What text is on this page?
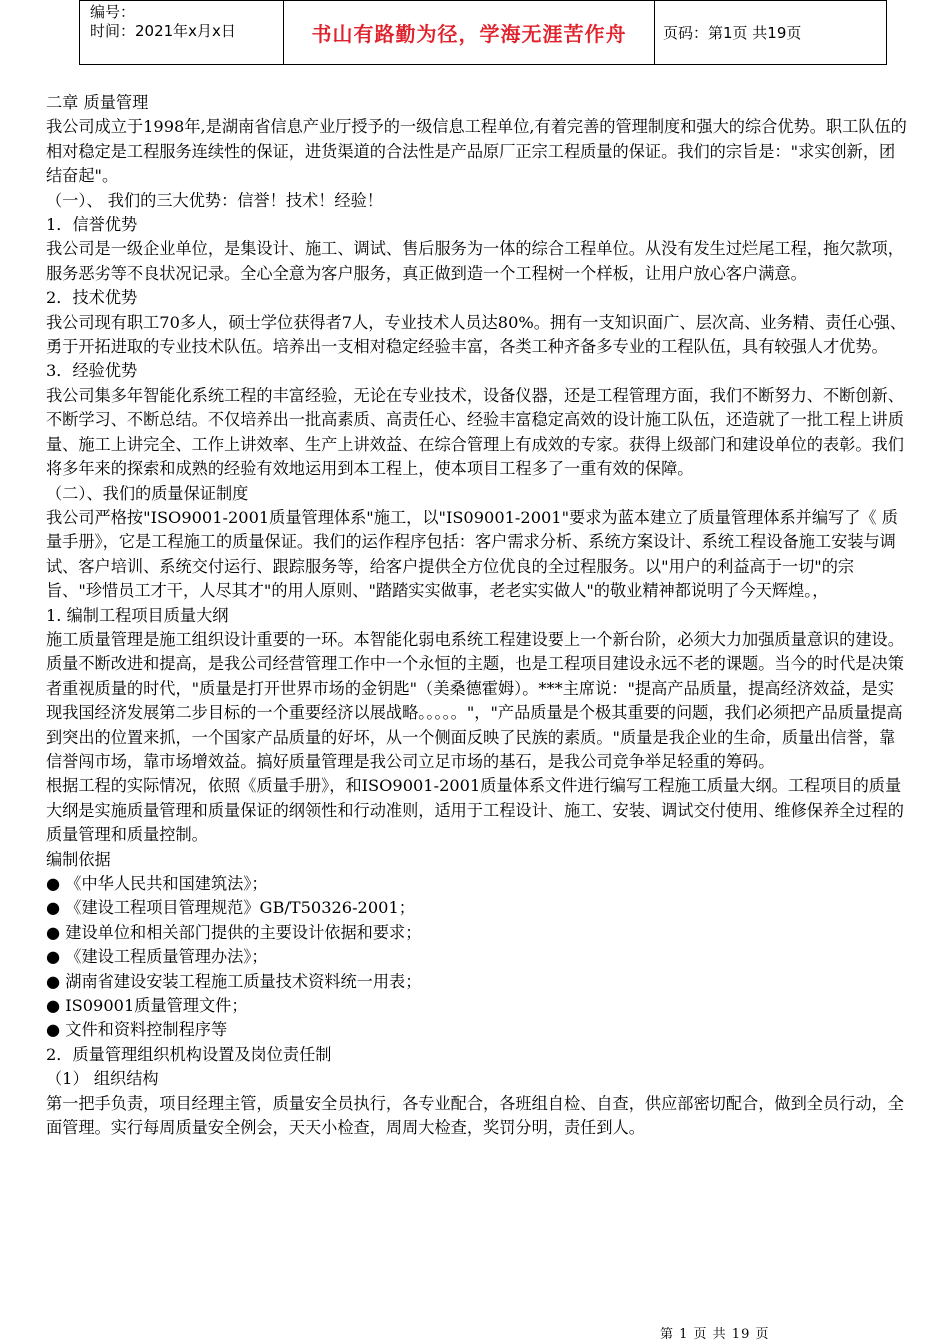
编号：
时间：2021年x月x日	书山有路勤为径，学海无涯苦作舟	页码：第1页 共19页

二章 质量管理

我公司成立于1998年,是湖南省信息产业厅授予的一级信息工程单位,有着完善的管理制度和强大的综合优势。职工队伍的相对稳定是工程服务连续性的保证，进货渠道的合法性是产品原厂正宗工程质量的保证。我们的宗旨是："求实创新，团结奋起"。

（一）、 我们的三大优势：信誉！技术！经验！

1．信誉优势

我公司是一级企业单位，是集设计、施工、调试、售后服务为一体的综合工程单位。从没有发生过烂尾工程，拖欠款项，服务恶劣等不良状况记录。全心全意为客户服务，真正做到造一个工程树一个样板，让用户放心客户满意。

2．技术优势

我公司现有职工70多人，硕士学位获得者7人，专业技术人员达80%。拥有一支知识面广、层次高、业务精、责任心强、勇于开拓进取的专业技术队伍。培养出一支相对稳定经验丰富，各类工种齐备多专业的工程队伍，具有较强人才优势。

3．经验优势

我公司集多年智能化系统工程的丰富经验，无论在专业技术，设备仪器，还是工程管理方面，我们不断努力、不断创新、不断学习、不断总结。不仅培养出一批高素质、高责任心、经验丰富稳定高效的设计施工队伍，还造就了一批工程上讲质量、施工上讲完全、工作上讲效率、生产上讲效益、在综合管理上有成效的专家。获得上级部门和建设单位的表彰。我们将多年来的探索和成熟的经验有效地运用到本工程上，使本项目工程多了一重有效的保障。

（二）、我们的质量保证制度

我公司严格按"ISO9001-2001质量管理体系"施工，以"IS09001-2001"要求为蓝本建立了质量管理体系并编写了《 质量手册》，它是工程施工的质量保证。我们的运作程序包括：客户需求分析、系统方案设计、系统工程设备施工安装与调试、客户培训、系统交付运行、跟踪服务等，给客户提供全方位优良的全过程服务。以"用户的利益高于一切"的宗旨、"珍惜员工才干，人尽其才"的用人原则、"踏踏实实做事，老老实实做人"的敬业精神都说明了今天辉煌。，

1. 编制工程项目质量大纲

施工质量管理是施工组织设计重要的一环。本智能化弱电系统工程建设要上一个新台阶，必须大力加强质量意识的建设。质量不断改进和提高，是我公司经营管理工作中一个永恒的主题，也是工程项目建设永远不老的课题。当今的时代是决策者重视质量的时代，"质量是打开世界市场的金钥匙"（美桑德霍姆）。***主席说："提高产品质量，提高经济效益，是实现我国经济发展第二步目标的一个重要经济以展战略。。。。。"，"产品质量是个极其重要的问题，我们必须把产品质量提高到突出的位置来抓，一个国家产品质量的好坏，从一个侧面反映了民族的素质。"质量是我企业的生命，质量出信誉，靠信誉闯市场，靠市场增效益。搞好质量管理是我公司立足市场的基石，是我公司竞争举足轻重的筹码。

根据工程的实际情况，依照《质量手册》，和ISO9001-2001质量体系文件进行编写工程施工质量大纲。工程项目的质量大纲是实施质量管理和质量保证的纲领性和行动准则，适用于工程设计、施工、安装、调试交付使用、维修保养全过程的质量管理和质量控制。

编制依据

● 《中华人民共和国建筑法》；

● 《建设工程项目管理规范》GB/T50326-2001；

● 建设单位和相关部门提供的主要设计依据和要求；

● 《建设工程质量管理办法》；

● 湖南省建设安装工程施工质量技术资料统一用表；

● IS09001质量管理文件；

● 文件和资料控制程序等

2．质量管理组织机构设置及岗位责任制

（1） 组织结构

第一把手负责，项目经理主管，质量安全员执行，各专业配合，各班组自检、自查，供应部密切配合，做到全员行动，全面管理。实行每周质量安全例会，天天小检查，周周大检查，奖罚分明，责任到人。

第 1 页 共 19 页
